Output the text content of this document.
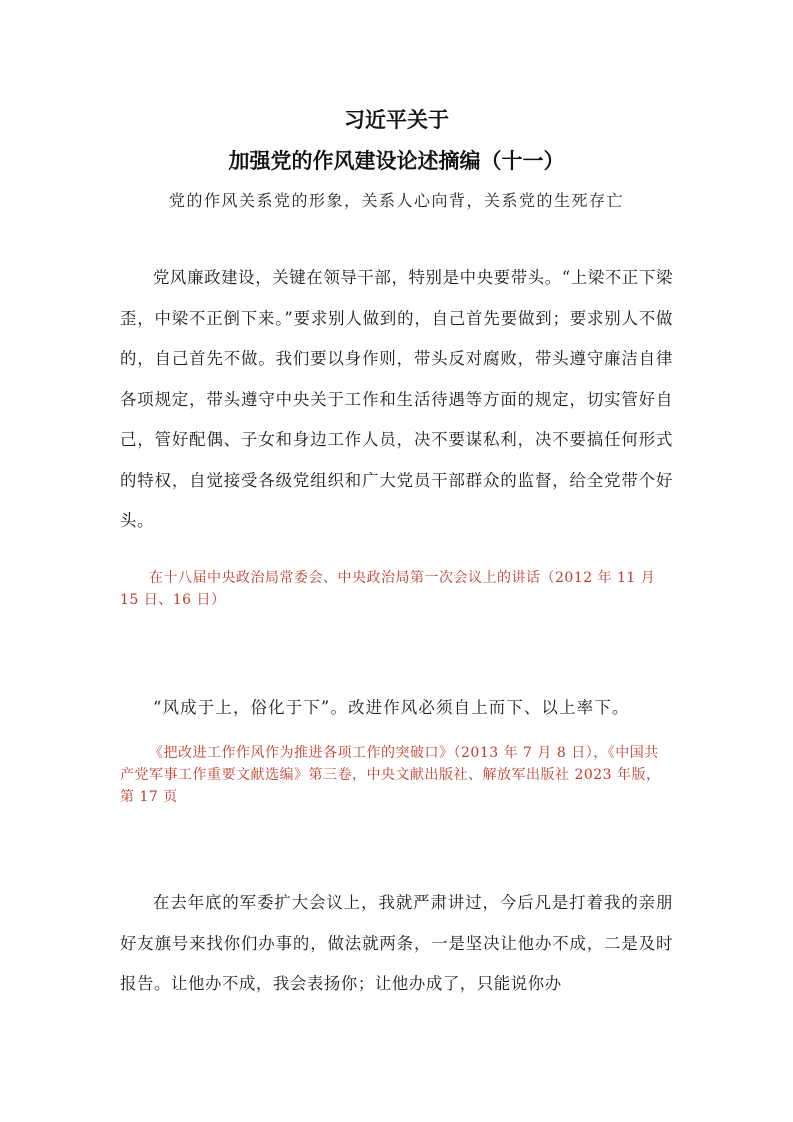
习近平关于
加强党的作风建设论述摘编（十一）
党的作风关系党的形象，关系人心向背，关系党的生死存亡
党风廉政建设，关键在领导干部，特别是中央要带头。“上梁不正下梁歪，中梁不正倒下来。”要求别人做到的，自己首先要做到；要求别人不做的，自己首先不做。我们要以身作则，带头反对腐败，带头遵守廉洁自律各项规定，带头遵守中央关于工作和生活待遇等方面的规定，切实管好自己，管好配偶、子女和身边工作人员，决不要谋私利，决不要搞任何形式的特权，自觉接受各级党组织和广大党员干部群众的监督，给全党带个好头。
在十八届中央政治局常委会、中央政治局第一次会议上的讲话（2012 年 11 月 15 日、16 日）
“风成于上，俗化于下”。改进作风必须自上而下、以上率下。
《把改进工作作风作为推进各项工作的突破口》（2013 年 7 月 8 日），《中国共产党军事工作重要文献选编》第三卷，中央文献出版社、解放军出版社 2023 年版，第 17 页
在去年底的军委扩大会议上，我就严肃讲过，今后凡是打着我的亲朋好友旗号来找你们办事的，做法就两条，一是坚决让他办不成，二是及时报告。让他办不成，我会表扬你；让他办成了，只能说你办
